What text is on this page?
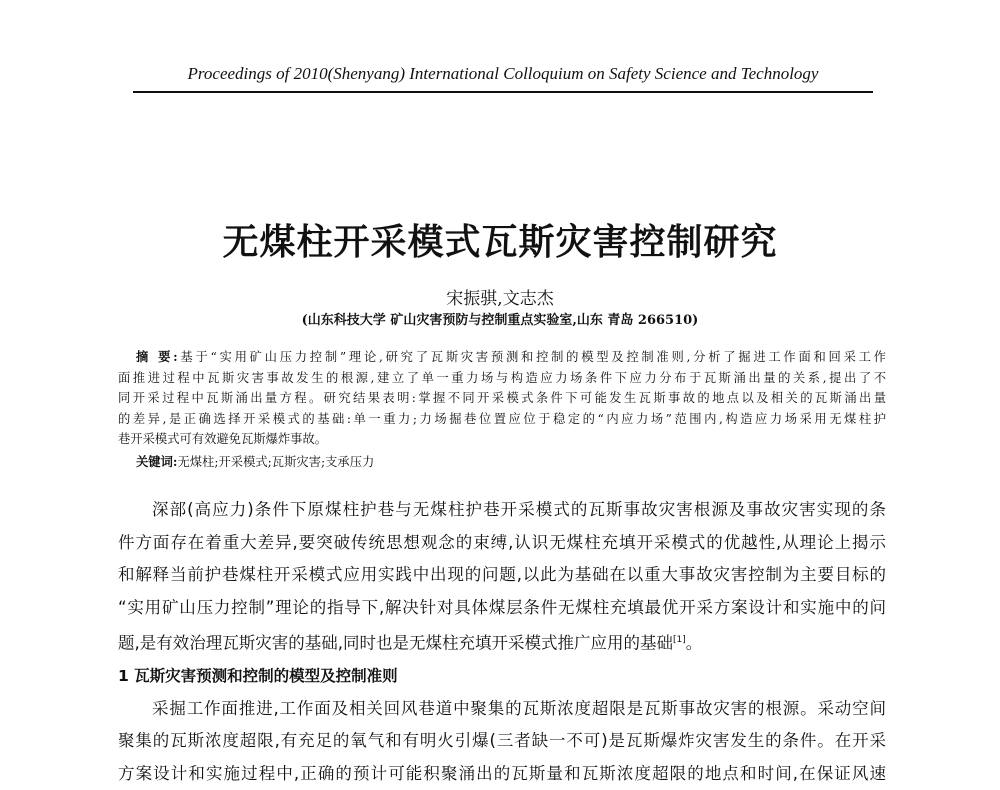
Proceedings of 2010(Shenyang) International Colloquium on Safety Science and Technology
无煤柱开采模式瓦斯灾害控制研究
宋振骐,文志杰
(山东科技大学 矿山灾害预防与控制重点实验室,山东 青岛 266510)
摘 要:基于“实用矿山压力控制”理论,研究了瓦斯灾害预测和控制的模型及控制准则,分析了掘进工作面和回采工作
面推进过程中瓦斯灾害事故发生的根源,建立了单一重力场与构造应力场条件下应力分布于瓦斯涌出量的关系,提出了不
同开采过程中瓦斯涌出量方程。研究结果表明:掌握不同开采模式条件下可能发生瓦斯事故的地点以及相关的瓦斯涌出量
的差异,是正确选择开采模式的基础:单一重力;力场掘巷位置应位于稳定的“内应力场”范围内,构造应力场采用无煤柱护
巷开采模式可有效避免瓦斯爆炸事故。
关键词:无煤柱;开采模式;瓦斯灾害;支承压力
深部(高应力)条件下原煤柱护巷与无煤柱护巷开采模式的瓦斯事故灾害根源及事故灾害实现的条
件方面存在着重大差异,要突破传统思想观念的束缚,认识无煤柱充填开采模式的优越性,从理论上揭示
和解释当前护巷煤柱开采模式应用实践中出现的问题,以此为基础在以重大事故灾害控制为主要目标的
“实用矿山压力控制”理论的指导下,解决针对具体煤层条件无煤柱充填最优开采方案设计和实施中的问
题,是有效治理瓦斯灾害的基础,同时也是无煤柱充填开采模式推广应用的基础[1]。
1 瓦斯灾害预测和控制的模型及控制准则
采掘工作面推进,工作面及相关回风巷道中聚集的瓦斯浓度超限是瓦斯事故灾害的根源。采动空间
聚集的瓦斯浓度超限,有充足的氧气和有明火引爆(三者缺一不可)是瓦斯爆炸灾害发生的条件。在开采
方案设计和实施过程中,正确的预计可能积聚涌出的瓦斯量和瓦斯浓度超限的地点和时间,在保证风速
